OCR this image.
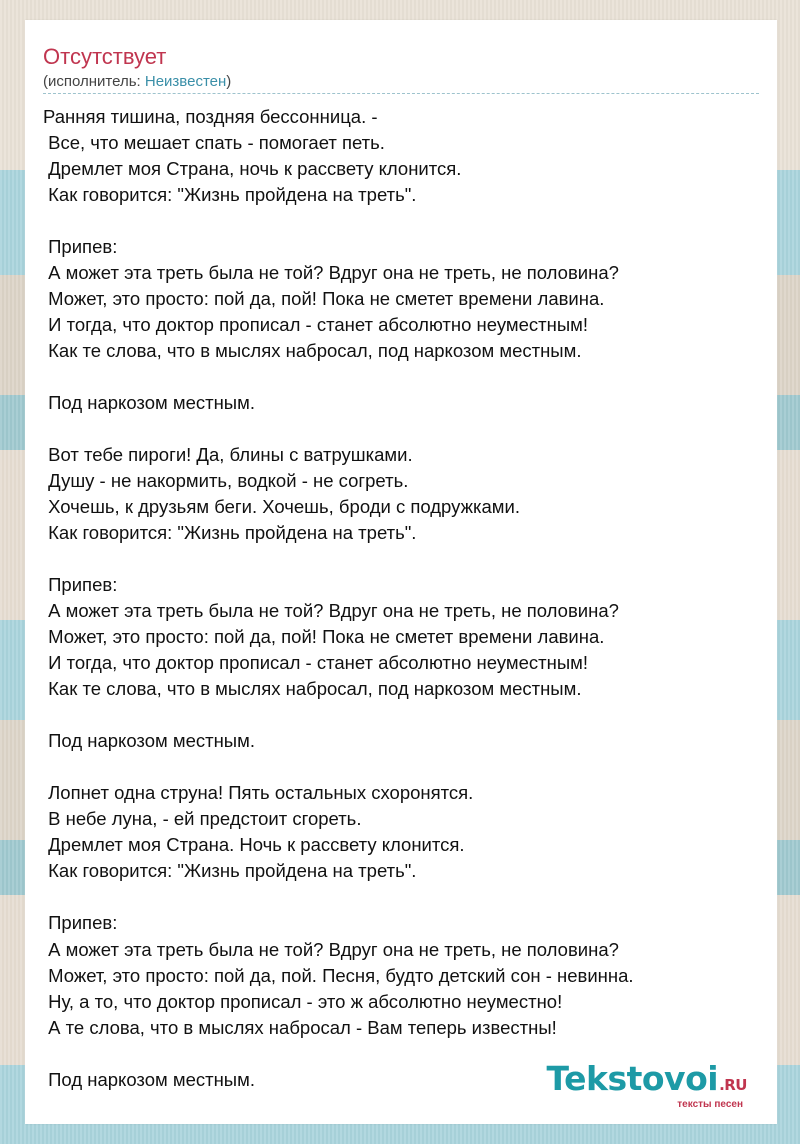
Отсутствует
(исполнитель: Неизвестен)
Ранняя тишина, поздняя бессонница. -
Все, что мешает спать - помогает петь.
Дремлет моя Страна, ночь к рассвету клонится.
Как говорится: "Жизнь пройдена на треть".
Припев:
А может эта треть была не той? Вдруг она не треть, не половина?
Может, это просто: пой да, пой! Пока не сметет времени лавина.
И тогда, что доктор прописал - станет абсолютно неуместным!
Как те слова, что в мыслях набросал, под наркозом местным.
Под наркозом местным.
Вот тебе пироги! Да, блины с ватрушками.
Душу - не накормить, водкой - не согреть.
Хочешь, к друзьям беги. Хочешь, броди с подружками.
Как говорится: "Жизнь пройдена на треть".
Припев:
А может эта треть была не той? Вдруг она не треть, не половина?
Может, это просто: пой да, пой! Пока не сметет времени лавина.
И тогда, что доктор прописал - станет абсолютно неуместным!
Как те слова, что в мыслях набросал, под наркозом местным.
Под наркозом местным.
Лопнет одна струна! Пять остальных схоронятся.
В небе луна, - ей предстоит сгореть.
Дремлет моя Страна. Ночь к рассвету клонится.
Как говорится: "Жизнь пройдена на треть".
Припев:
А может эта треть была не той? Вдруг она не треть, не половина?
Может, это просто: пой да, пой. Песня, будто детский сон - невинна.
Ну, а то, что доктор прописал - это ж абсолютно неуместно!
А те слова, что в мыслях набросал - Вам теперь известны!
Под наркозом местным.	Tekstovoi.RU
тексты песен
